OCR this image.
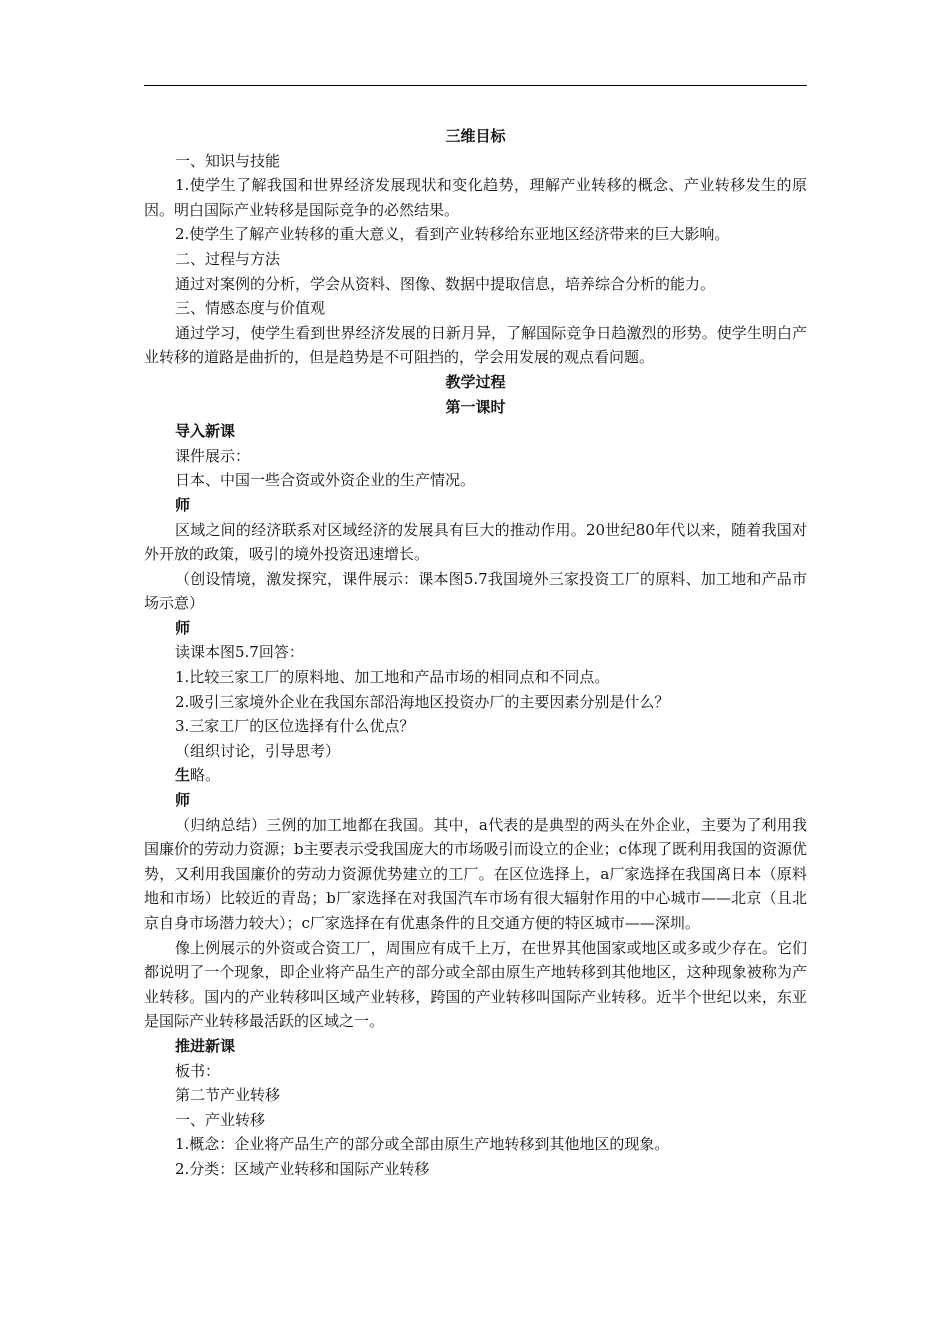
三维目标

一、知识与技能

1.使学生了解我国和世界经济发展现状和变化趋势，理解产业转移的概念、产业转移发生的原因。明白国际产业转移是国际竞争的必然结果。

2.使学生了解产业转移的重大意义，看到产业转移给东亚地区经济带来的巨大影响。

二、过程与方法

通过对案例的分析，学会从资料、图像、数据中提取信息，培养综合分析的能力。

三、情感态度与价值观

通过学习，使学生看到世界经济发展的日新月异，了解国际竞争日趋激烈的形势。使学生明白产业转移的道路是曲折的，但是趋势是不可阻挡的，学会用发展的观点看问题。

教学过程

第一课时

导入新课

课件展示：

日本、中国一些合资或外资企业的生产情况。

师

区域之间的经济联系对区域经济的发展具有巨大的推动作用。20世纪80年代以来，随着我国对外开放的政策，吸引的境外投资迅速增长。

（创设情境，激发探究，课件展示：课本图5.7我国境外三家投资工厂的原料、加工地和产品市场示意）

师

读课本图5.7回答：

1.比较三家工厂的原料地、加工地和产品市场的相同点和不同点。

2.吸引三家境外企业在我国东部沿海地区投资办厂的主要因素分别是什么？

3.三家工厂的区位选择有什么优点？

（组织讨论，引导思考）

生略。

师

（归纳总结）三例的加工地都在我国。其中，a代表的是典型的两头在外企业，主要为了利用我国廉价的劳动力资源；b主要表示受我国庞大的市场吸引而设立的企业；c体现了既利用我国的资源优势，又利用我国廉价的劳动力资源优势建立的工厂。在区位选择上，a厂家选择在我国离日本（原料地和市场）比较近的青岛；b厂家选择在对我国汽车市场有很大辐射作用的中心城市——北京（且北京自身市场潜力较大）；c厂家选择在有优惠条件的且交通方便的特区城市——深圳。

像上例展示的外资或合资工厂，周围应有成千上万，在世界其他国家或地区或多或少存在。它们都说明了一个现象，即企业将产品生产的部分或全部由原生产地转移到其他地区，这种现象被称为产业转移。国内的产业转移叫区域产业转移，跨国的产业转移叫国际产业转移。近半个世纪以来，东亚是国际产业转移最活跃的区域之一。

推进新课

板书：

第二节产业转移

一、产业转移

1.概念：企业将产品生产的部分或全部由原生产地转移到其他地区的现象。

2.分类：区域产业转移和国际产业转移
